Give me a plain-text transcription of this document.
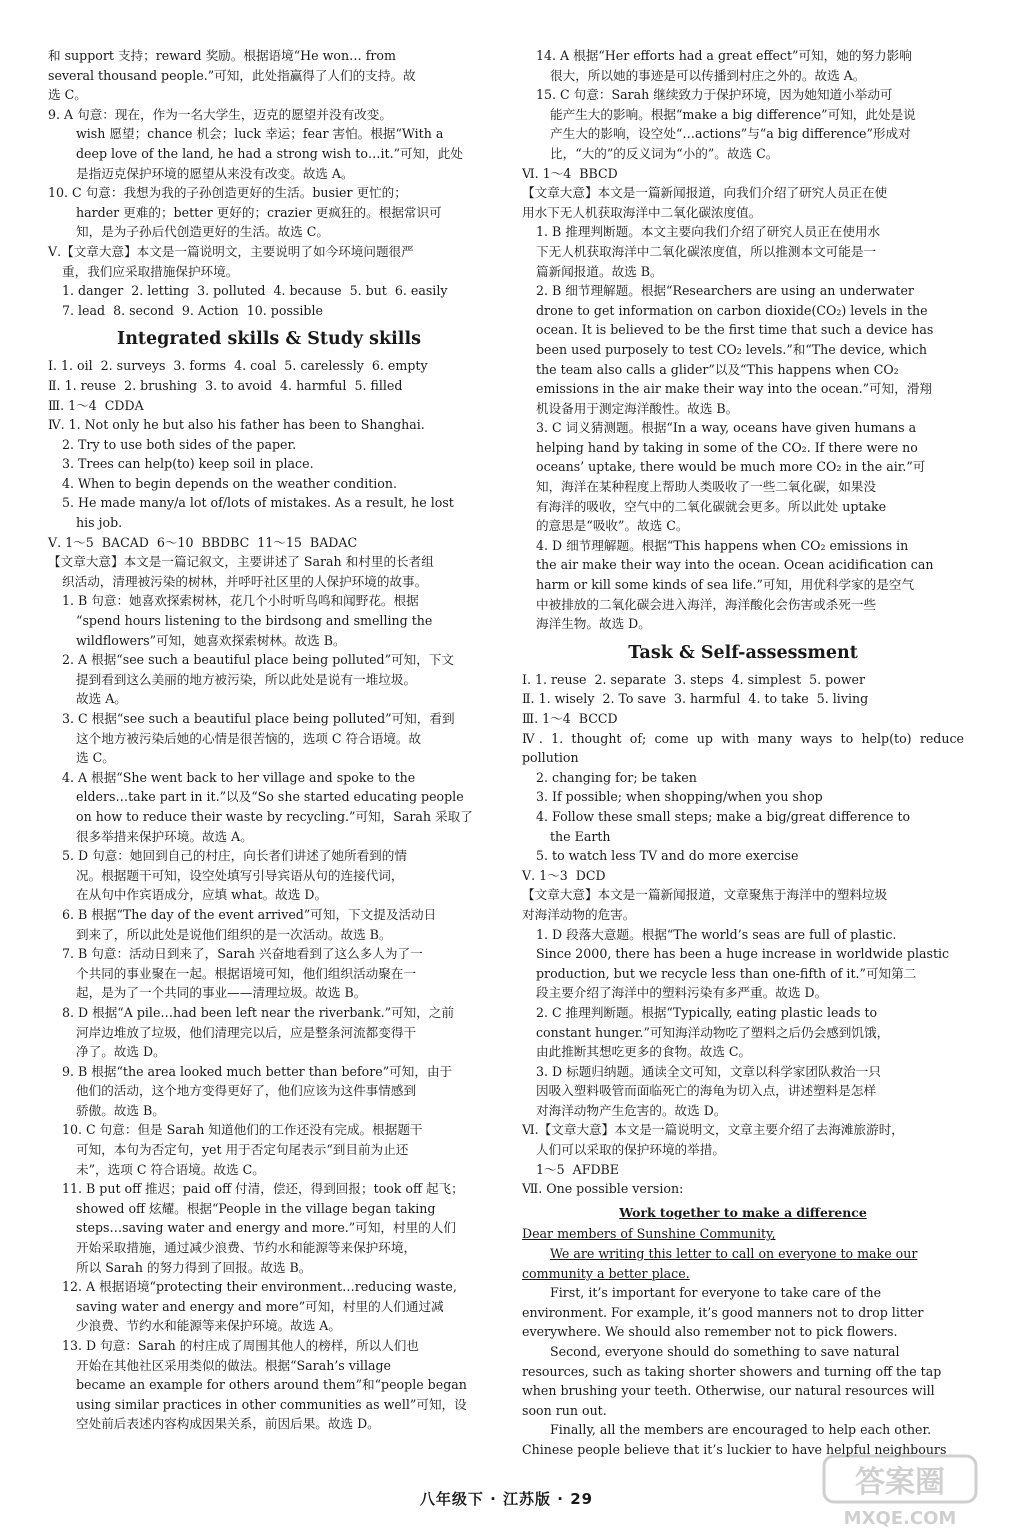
和 support 支持；reward 奖励。根据语境“He won… from

several thousand people.”可知，此处指赢得了人们的支持。故

选 C。

9. A 句意：现在，作为一名大学生，迈克的愿望并没有改变。

wish 愿望；chance 机会；luck 幸运；fear 害怕。根据“With a

deep love of the land, he had a strong wish to…it.”可知，此处

是指迈克保护环境的愿望从来没有改变。故选 A。

10. C 句意：我想为我的子孙创造更好的生活。busier 更忙的；

harder 更难的；better 更好的；crazier 更疯狂的。根据常识可

知，是为子孙后代创造更好的生活。故选 C。

Ⅴ.【文章大意】本文是一篇说明文，主要说明了如今环境问题很严

重，我们应采取措施保护环境。

1. danger  2. letting  3. polluted  4. because  5. but  6. easily

7. lead  8. second  9. Action  10. possible

Integrated skills & Study skills

Ⅰ. 1. oil  2. surveys  3. forms  4. coal  5. carelessly  6. empty

Ⅱ. 1. reuse  2. brushing  3. to avoid  4. harmful  5. filled

Ⅲ. 1～4  CDDA

Ⅳ. 1. Not only he but also his father has been to Shanghai.

2. Try to use both sides of the paper.

3. Trees can help(to) keep soil in place.

4. When to begin depends on the weather condition.

5. He made many/a lot of/lots of mistakes. As a result, he lost

his job.

Ⅴ. 1～5  BACAD  6～10  BBDBC  11～15  BADAC

【文章大意】本文是一篇记叙文，主要讲述了 Sarah 和村里的长者组

织活动，清理被污染的树林，并呼吁社区里的人保护环境的故事。

1. B 句意：她喜欢探索树林，花几个小时听鸟鸣和闻野花。根据

“spend hours listening to the birdsong and smelling the

wildflowers”可知，她喜欢探索树林。故选 B。

2. A 根据“see such a beautiful place being polluted”可知，下文

提到看到这么美丽的地方被污染，所以此处是说有一堆垃圾。

故选 A。

3. C 根据“see such a beautiful place being polluted”可知，看到

这个地方被污染后她的心情是很苦恼的，选项 C 符合语境。故

选 C。

4. A 根据“She went back to her village and spoke to the

elders…take part in it.”以及“So she started educating people

on how to reduce their waste by recycling.”可知，Sarah 采取了

很多举措来保护环境。故选 A。

5. D 句意：她回到自己的村庄，向长者们讲述了她所看到的情

况。根据题干可知，设空处填写引导宾语从句的连接代词，

在从句中作宾语成分，应填 what。故选 D。

6. B 根据“The day of the event arrived”可知，下文提及活动日

到来了，所以此处是说他们组织的是一次活动。故选 B。

7. B 句意：活动日到来了，Sarah 兴奋地看到了这么多人为了一

个共同的事业聚在一起。根据语境可知，他们组织活动聚在一

起，是为了一个共同的事业——清理垃圾。故选 B。

8. D 根据“A pile…had been left near the riverbank.”可知，之前

河岸边堆放了垃圾，他们清理完以后，应是整条河流都变得干

净了。故选 D。

9. B 根据“the area looked much better than before”可知，由于

他们的活动，这个地方变得更好了，他们应该为这件事情感到

骄傲。故选 B。

10. C 句意：但是 Sarah 知道他们的工作还没有完成。根据题干

可知，本句为否定句，yet 用于否定句尾表示“到目前为止还

未”，选项 C 符合语境。故选 C。

11. B put off 推迟；paid off 付清，偿还，得到回报；took off 起飞；

showed off 炫耀。根据“People in the village began taking

steps…saving water and energy and more.”可知，村里的人们

开始采取措施，通过减少浪费、节约水和能源等来保护环境，

所以 Sarah 的努力得到了回报。故选 B。

12. A 根据语境“protecting their environment…reducing waste,

saving water and energy and more”可知，村里的人们通过减

少浪费、节约水和能源等来保护环境。故选 A。

13. D 句意：Sarah 的村庄成了周围其他人的榜样，所以人们也

开始在其他社区采用类似的做法。根据“Sarah’s village

became an example for others around them”和“people began

using similar practices in other communities as well”可知，设

空处前后表述内容构成因果关系，前因后果。故选 D。

14. A 根据“Her efforts had a great effect”可知，她的努力影响

很大，所以她的事迹是可以传播到村庄之外的。故选 A。

15. C 句意：Sarah 继续致力于保护环境，因为她知道小举动可

能产生大的影响。根据“make a big difference”可知，此处是说

产生大的影响，设空处“…actions”与“a big difference”形成对

比，“大的”的反义词为“小的”。故选 C。

Ⅵ. 1～4  BBCD

【文章大意】本文是一篇新闻报道，向我们介绍了研究人员正在使

用水下无人机获取海洋中二氧化碳浓度值。

1. B 推理判断题。本文主要向我们介绍了研究人员正在使用水

下无人机获取海洋中二氧化碳浓度值，所以推测本文可能是一

篇新闻报道。故选 B。

2. B 细节理解题。根据“Researchers are using an underwater

drone to get information on carbon dioxide(CO₂) levels in the

ocean. It is believed to be the first time that such a device has

been used purposely to test CO₂ levels.”和“The device, which

the team also calls a glider”以及“This happens when CO₂

emissions in the air make their way into the ocean.”可知，滑翔

机设备用于测定海洋酸性。故选 B。

3. C 词义猜测题。根据“In a way, oceans have given humans a

helping hand by taking in some of the CO₂. If there were no

oceans’ uptake, there would be much more CO₂ in the air.”可

知，海洋在某种程度上帮助人类吸收了一些二氧化碳，如果没

有海洋的吸收，空气中的二氧化碳就会更多。所以此处 uptake

的意思是“吸收”。故选 C。

4. D 细节理解题。根据“This happens when CO₂ emissions in

the air make their way into the ocean. Ocean acidification can

harm or kill some kinds of sea life.”可知，用优科学家的是空气

中被排放的二氧化碳会进入海洋，海洋酸化会伤害或杀死一些

海洋生物。故选 D。

Task & Self-assessment

Ⅰ. 1. reuse  2. separate  3. steps  4. simplest  5. power

Ⅱ. 1. wisely  2. To save  3. harmful  4. to take  5. living

Ⅲ. 1～4  BCCD

Ⅳ. 1. thought of; come up with many ways to help(to) reduce pollution

2. changing for; be taken

3. If possible; when shopping/when you shop

4. Follow these small steps; make a big/great difference to

the Earth

5. to watch less TV and do more exercise

Ⅴ. 1～3  DCD

【文章大意】本文是一篇新闻报道，文章聚焦于海洋中的塑料垃圾

对海洋动物的危害。

1. D 段落大意题。根据“The world’s seas are full of plastic.

Since 2000, there has been a huge increase in worldwide plastic

production, but we recycle less than one-fifth of it.”可知第二

段主要介绍了海洋中的塑料污染有多严重。故选 D。

2. C 推理判断题。根据“Typically, eating plastic leads to

constant hunger.”可知海洋动物吃了塑料之后仍会感到饥饿，

由此推断其想吃更多的食物。故选 C。

3. D 标题归纳题。通读全文可知，文章以科学家团队救治一只

因吸入塑料吸管而面临死亡的海龟为切入点，讲述塑料是怎样

对海洋动物产生危害的。故选 D。

Ⅵ.【文章大意】本文是一篇说明文，文章主要介绍了去海滩旅游时，

人们可以采取的保护环境的举措。

1～5  AFDBE

Ⅶ. One possible version:

Work together to make a difference

Dear members of Sunshine Community,

We are writing this letter to call on everyone to make our

community a better place.

First, it’s important for everyone to take care of the

environment. For example, it’s good manners not to drop litter

everywhere. We should also remember not to pick flowers.

Second, everyone should do something to save natural

resources, such as taking shorter showers and turning off the tap

when brushing your teeth. Otherwise, our natural resources will

soon run out.

Finally, all the members are encouraged to help each other.

Chinese people believe that it’s luckier to have helpful neighbours

八年级下 · 江苏版 · 29	答案圈
MXQE.COM
